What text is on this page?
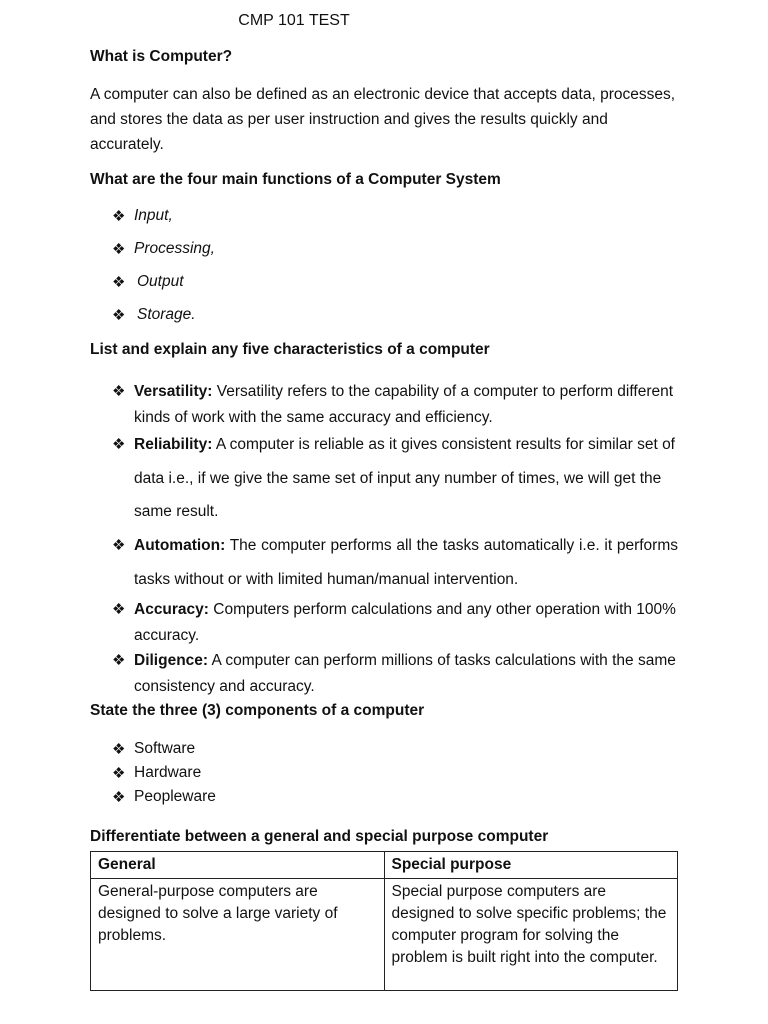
CMP 101 TEST
What is Computer?
A computer can also be defined as an electronic device that accepts data, processes, and stores the data as per user instruction and gives the results quickly and accurately.
What are the four main functions of a Computer System
❖ Input,
❖ Processing,
❖ Output
❖ Storage.
List and explain any five characteristics of a computer
❖ Versatility: Versatility refers to the capability of a computer to perform different kinds of work with the same accuracy and efficiency.
❖ Reliability: A computer is reliable as it gives consistent results for similar set of data i.e., if we give the same set of input any number of times, we will get the same result.
❖ Automation: The computer performs all the tasks automatically i.e. it performs tasks without or with limited human/manual intervention.
❖ Accuracy: Computers perform calculations and any other operation with 100% accuracy.
❖ Diligence: A computer can perform millions of tasks calculations with the same consistency and accuracy.
State the three (3) components of a computer
❖ Software
❖ Hardware
❖ Peopleware
Differentiate between a general and special purpose computer
General	Special purpose
General-purpose computers are designed to solve a large variety of problems.	Special purpose computers are designed to solve specific problems; the computer program for solving the problem is built right into the computer.
